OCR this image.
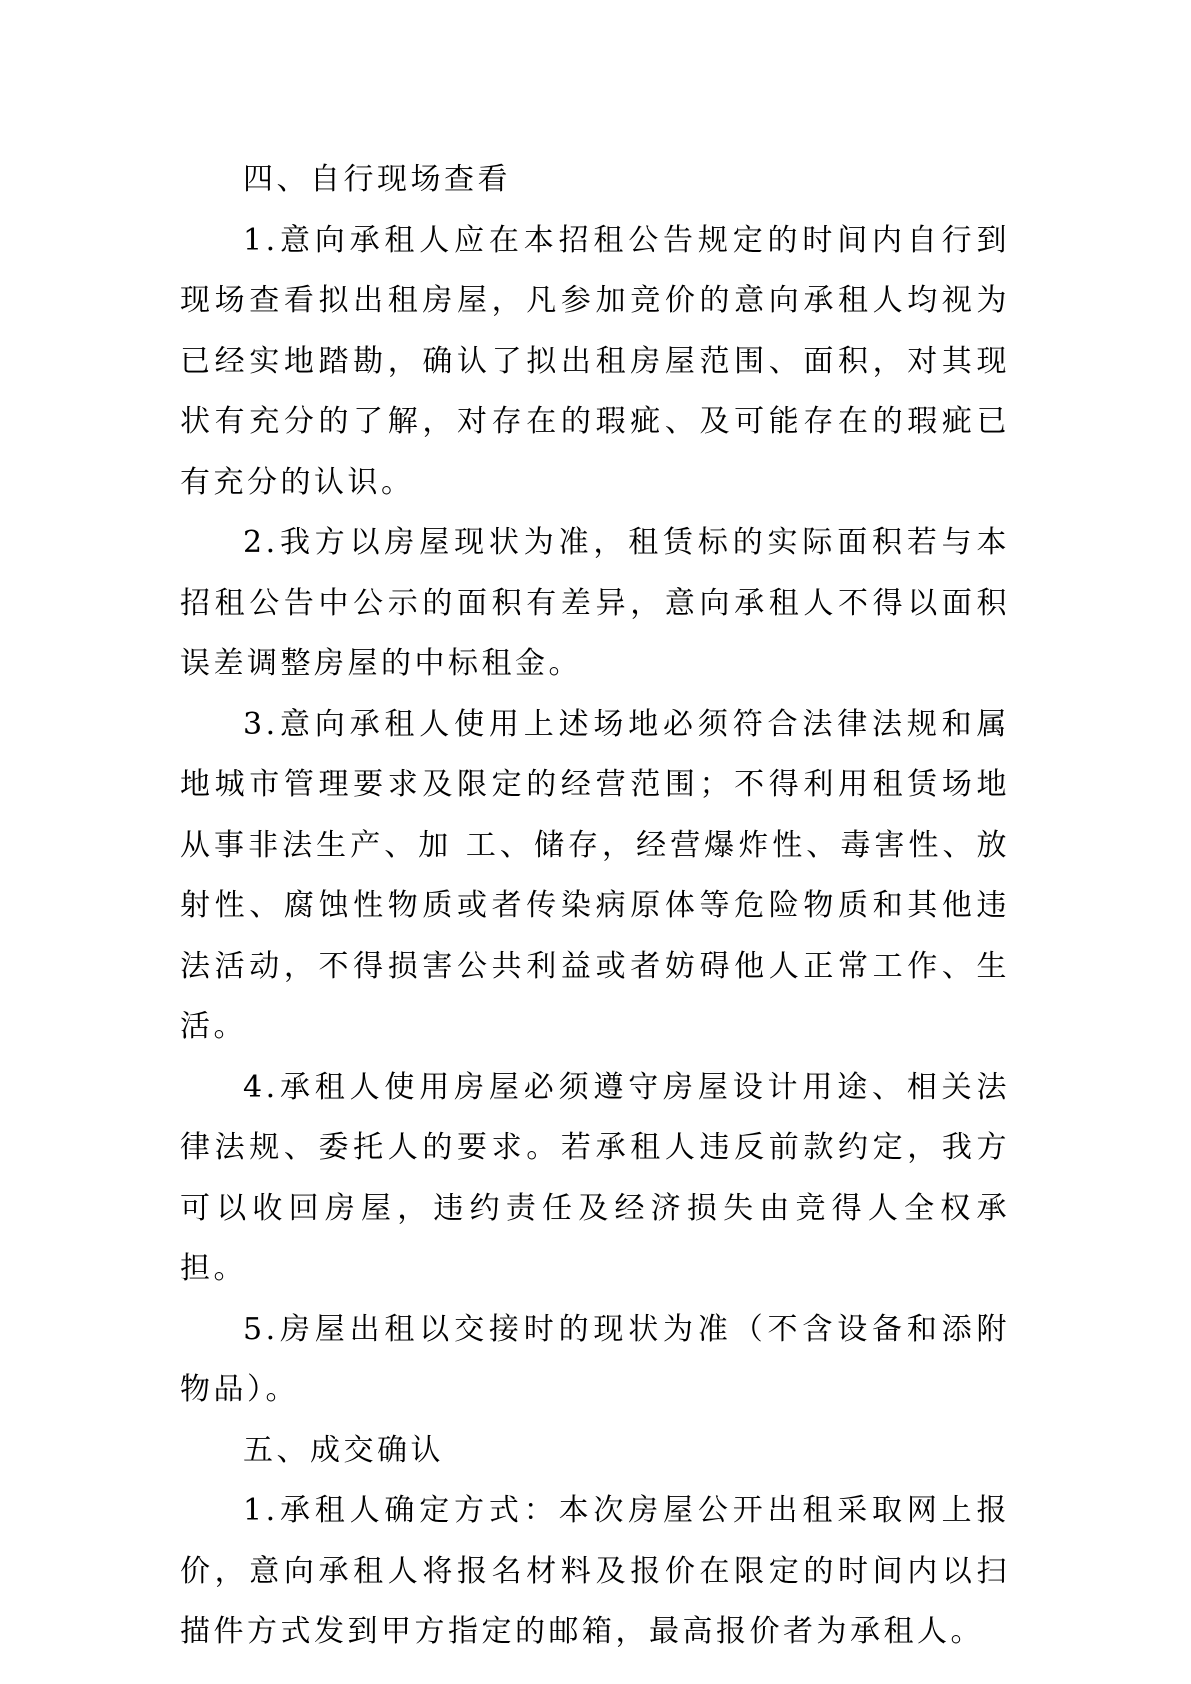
四、自行现场查看

1.意向承租人应在本招租公告规定的时间内自行到现场查看拟出租房屋，凡参加竞价的意向承租人均视为已经实地踏勘，确认了拟出租房屋范围、面积，对其现状有充分的了解，对存在的瑕疵、及可能存在的瑕疵已有充分的认识。

2.我方以房屋现状为准，租赁标的实际面积若与本招租公告中公示的面积有差异，意向承租人不得以面积误差调整房屋的中标租金。

3.意向承租人使用上述场地必须符合法律法规和属地城市管理要求及限定的经营范围；不得利用租赁场地从事非法生产、加 工、储存，经营爆炸性、毒害性、放射性、腐蚀性物质或者传染病原体等危险物质和其他违法活动，不得损害公共利益或者妨碍他人正常工作、生活。

4.承租人使用房屋必须遵守房屋设计用途、相关法律法规、委托人的要求。若承租人违反前款约定，我方可以收回房屋，违约责任及经济损失由竞得人全权承担。

5.房屋出租以交接时的现状为准（不含设备和添附物品）。

五、成交确认

1.承租人确定方式：本次房屋公开出租采取网上报价，意向承租人将报名材料及报价在限定的时间内以扫描件方式发到甲方指定的邮箱，最高报价者为承租人。
